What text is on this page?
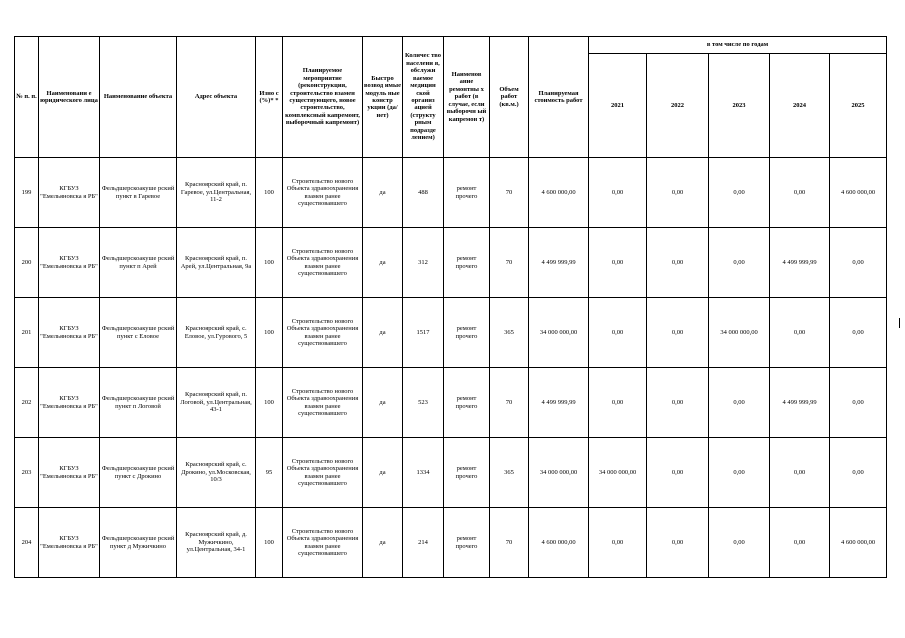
№ п. п.	Наименовани е юридического лица	Наименование объекта	Адрес объекта	Изно с (%)* *	Планируемое мероприятие (реконструкция, строительство взамен существующего, новое строительство, комплексный капремонт, выборочный капремонт)	Быстро возвод имые модуль ные констр укции (да/нет)	Количес тво населени я, обслужи ваемое медицин ской организ ацией (структу рным подразде лением)	Наименов ание ремонтны х работ (в случае, если выборочн ый капремон т)	Объем работ (кв.м.)	Планируемая стоимость работ	в том числе по годам				
											2021	2022	2023	2024	2025
199	КГБУЗ "Емельяновска я РБ"	Фельдшерскоакуше рский пункт в Гаревое	Красноярский край, п. Гаревое, ул.Центральная, 11-2	100	Строительство нового Объекта здравоохранения взамен ранее существовавшего	да	488	ремонт прочего	70	4 600 000,00	0,00	0,00	0,00	0,00	4 600 000,00
200	КГБУЗ "Емельяновска я РБ"	Фельдшерскоакуше рский пункт п Арей	Красноярский край, п. Арей, ул.Центральная, 9а	100	Строительство нового Объекта здравоохранения взамен ранее существовавшего	да	312	ремонт прочего	70	4 499 999,99	0,00	0,00	0,00	4 499 999,99	0,00
201	КГБУЗ "Емельяновска я РБ"	Фельдшерскоакуше рский пункт с Еловое	Красноярский край, с. Еловое, ул.Гурового, 5	100	Строительство нового Объекта здравоохранения взамен ранее существовавшего	да	1517	ремонт прочего	365	34 000 000,00	0,00	0,00	34 000 000,00	0,00	0,00
202	КГБУЗ "Емельяновска я РБ"	Фельдшерскоакуше рский пункт п Логовой	Красноярский край, п. Логовой, ул.Центральная, 43-1	100	Строительство нового Объекта здравоохранения взамен ранее существовавшего	да	523	ремонт прочего	70	4 499 999,99	0,00	0,00	0,00	4 499 999,99	0,00
203	КГБУЗ "Емельяновска я РБ"	Фельдшерскоакуше рский пункт с Дрокино	Красноярский край, с. Дрокино, ул.Московская, 10/3	95	Строительство нового Объекта здравоохранения взамен ранее существовавшего	да	1334	ремонт прочего	365	34 000 000,00	34 000 000,00	0,00	0,00	0,00	0,00
204	КГБУЗ "Емельяновска я РБ"	Фельдшерскоакуше рский пункт д Мужичкино	Красноярский край, д. Мужичкино, ул.Центральная, 34-1	100	Строительство нового Объекта здравоохранения взамен ранее существовавшего	да	214	ремонт прочего	70	4 600 000,00	0,00	0,00	0,00	0,00	4 600 000,00
